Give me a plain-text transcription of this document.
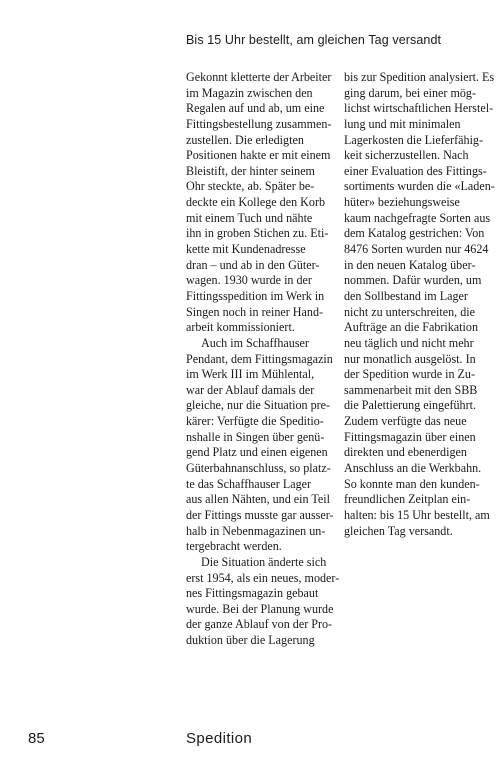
Bis 15 Uhr bestellt, am gleichen Tag versandt
Gekonnt kletterte der Arbeiter
im Magazin zwischen den
Regalen auf und ab, um eine
Fittingsbestellung zusammen-
zustellen. Die erledigten
Positionen hakte er mit einem
Bleistift, der hinter seinem
Ohr steckte, ab. Später be-
deckte ein Kollege den Korb
mit einem Tuch und nähte
ihn in groben Stichen zu. Eti-
kette mit Kundenadresse
dran – und ab in den Güter-
wagen. 1930 wurde in der
Fittingsspedition im Werk in
Singen noch in reiner Hand-
arbeit kommissioniert.
Auch im Schaffhauser
Pendant, dem Fittingsmagazin
im Werk III im Mühlental,
war der Ablauf damals der
gleiche, nur die Situation pre-
kärer: Verfügte die Speditio-
nshalle in Singen über genü-
gend Platz und einen eigenen
Güterbahnanschluss, so platz-
te das Schaffhauser Lager
aus allen Nähten, und ein Teil
der Fittings musste gar ausser-
halb in Nebenmagazinen un-
tergebracht werden.
Die Situation änderte sich
erst 1954, als ein neues, moder-
nes Fittingsmagazin gebaut
wurde. Bei der Planung wurde
der ganze Ablauf von der Pro-
duktion über die Lagerung
bis zur Spedition analysiert. Es
ging darum, bei einer mög-
lichst wirtschaftlichen Herstel-
lung und mit minimalen
Lagerkosten die Lieferfähig-
keit sicherzustellen. Nach
einer Evaluation des Fittings-
sortiments wurden die «Laden-
hüter» beziehungsweise
kaum nachgefragte Sorten aus
dem Katalog gestrichen: Von
8476 Sorten wurden nur 4624
in den neuen Katalog über-
nommen. Dafür wurden, um
den Sollbestand im Lager
nicht zu unterschreiten, die
Aufträge an die Fabrikation
neu täglich und nicht mehr
nur monatlich ausgelöst. In
der Spedition wurde in Zu-
sammenarbeit mit den SBB
die Palettierung eingeführt.
Zudem verfügte das neue
Fittingsmagazin über einen
direkten und ebenerdigen
Anschluss an die Werkbahn.
So konnte man den kunden-
freundlichen Zeitplan ein-
halten: bis 15 Uhr bestellt, am
gleichen Tag versandt.
85	Spedition
